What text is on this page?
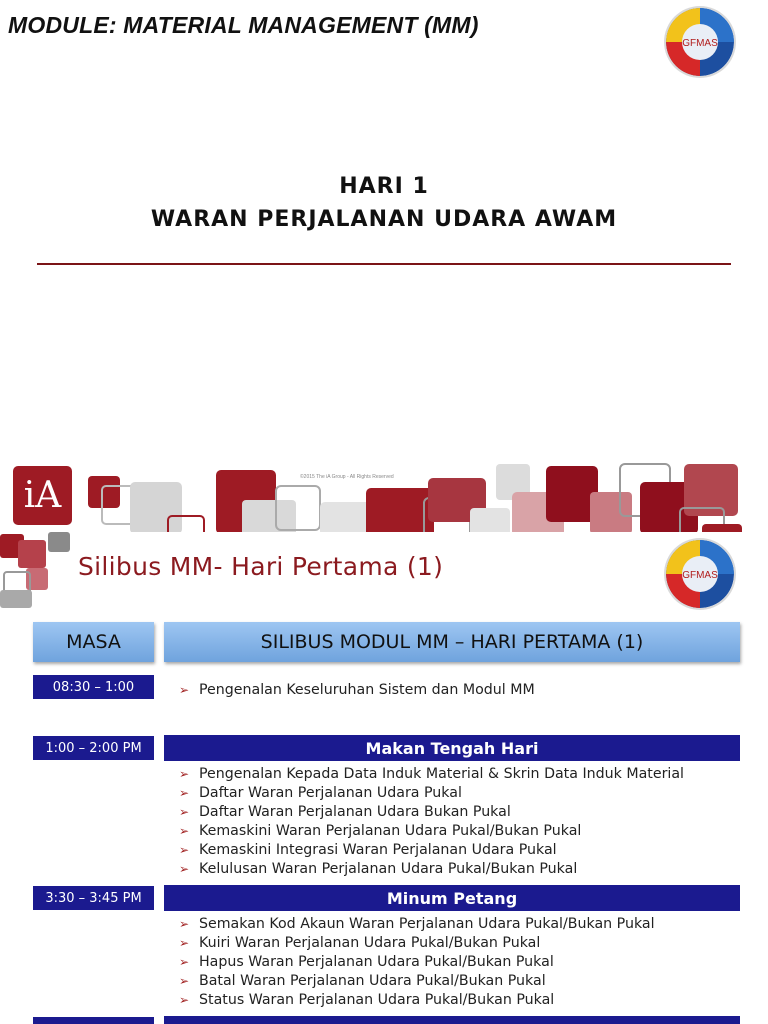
MODULE: MATERIAL MANAGEMENT (MM)
GFMAS
HARI 1
WARAN PERJALANAN UDARA AWAM
iA	©2015 The iA Group - All Rights Reserved
Silibus MM- Hari Pertama (1)	GFMAS
MASA	SILIBUS MODUL MM – HARI PERTAMA (1)
08:30 – 1:00	➢ Pengenalan Keseluruhan Sistem dan Modul MM
1:00 – 2:00 PM	Makan Tengah Hari
➢ Pengenalan Kepada Data Induk Material & Skrin Data Induk Material
➢ Daftar Waran Perjalanan Udara Pukal
➢ Daftar Waran Perjalanan Udara Bukan Pukal
➢ Kemaskini Waran Perjalanan Udara Pukal/Bukan Pukal
➢ Kemaskini Integrasi Waran Perjalanan Udara Pukal
➢ Kelulusan Waran Perjalanan Udara Pukal/Bukan Pukal
3:30 – 3:45 PM	Minum Petang
➢ Semakan Kod Akaun Waran Perjalanan Udara Pukal/Bukan Pukal
➢ Kuiri Waran Perjalanan Udara Pukal/Bukan Pukal
➢ Hapus Waran Perjalanan Udara Pukal/Bukan Pukal
➢ Batal Waran Perjalanan Udara Pukal/Bukan Pukal
➢ Status Waran Perjalanan Udara Pukal/Bukan Pukal
